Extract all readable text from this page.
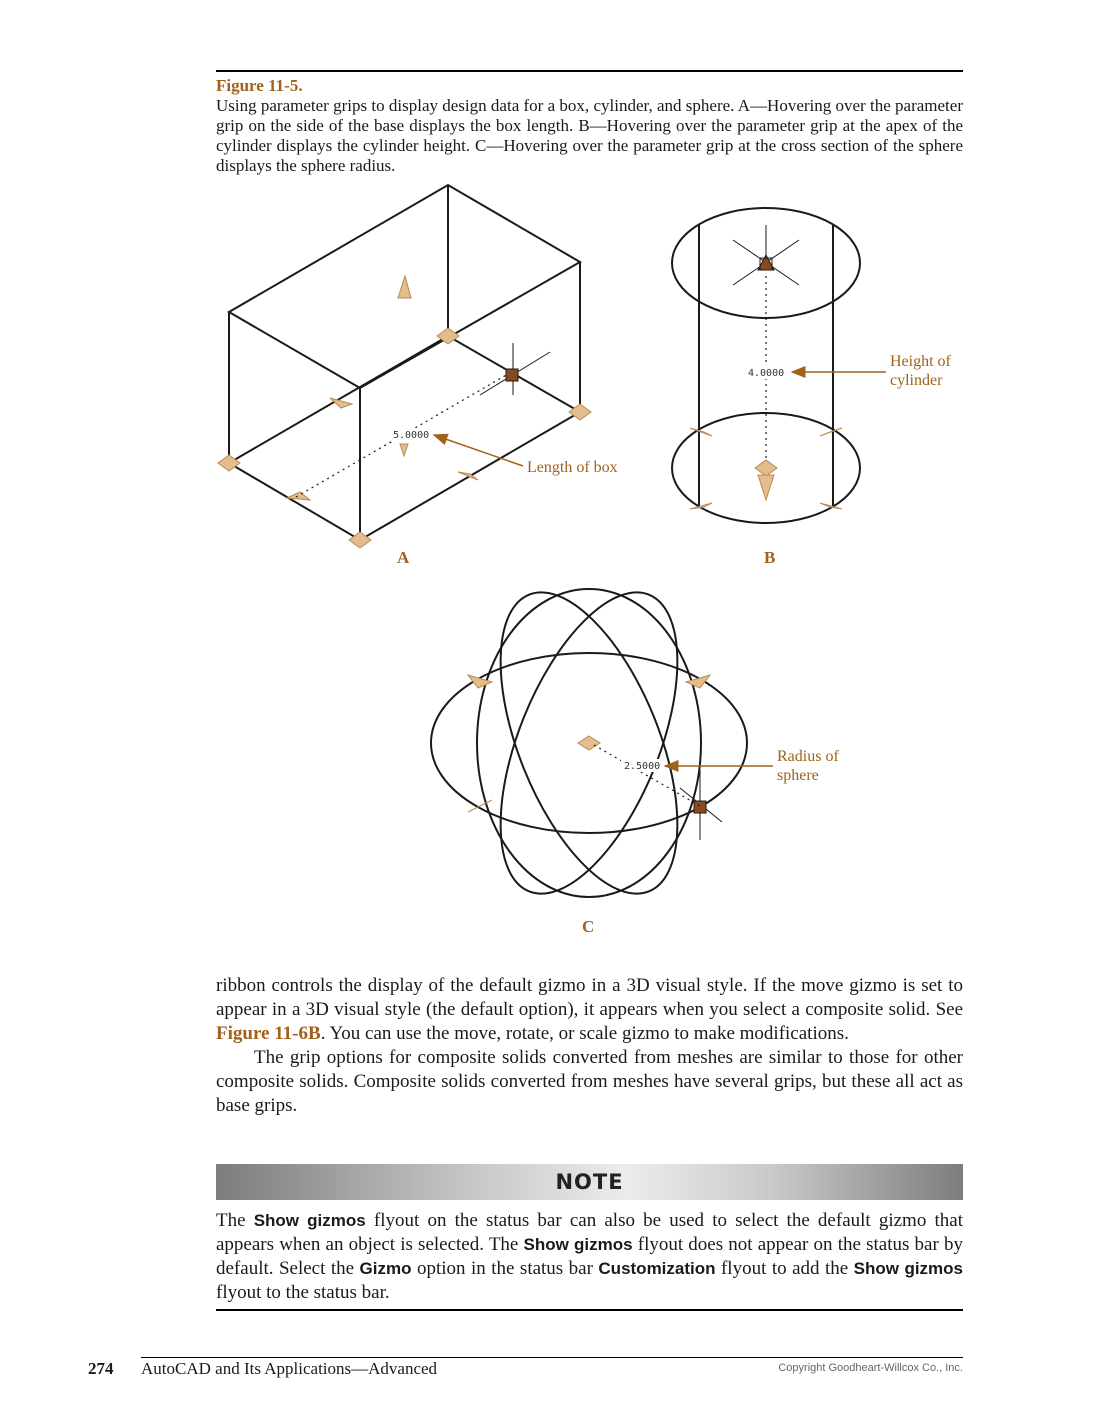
Figure 11-5.
Using parameter grips to display design data for a box, cylinder, and sphere. A—Hovering over the parameter grip on the side of the base displays the box length. B—Hovering over the parameter grip at the apex of the cylinder displays the cylinder height. C—Hovering over the parameter grip at the cross section of the sphere displays the sphere radius.
5.0000
Length of box
A
4.0000
Height of
cylinder
B
2.5000
Radius of
sphere
C

ribbon controls the display of the default gizmo in a 3D visual style. If the move gizmo is set to appear in a 3D visual style (the default option), it appears when you select a composite solid. See Figure 11-6B. You can use the move, rotate, or scale gizmo to make modifications.

The grip options for composite solids converted from meshes are similar to those for other composite solids. Composite solids converted from meshes have several grips, but these all act as base grips.

NOTE
The Show gizmos flyout on the status bar can also be used to select the default gizmo that appears when an object is selected. The Show gizmos flyout does not appear on the status bar by default. Select the Gizmo option in the status bar Customization flyout to add the Show gizmos flyout to the status bar.
274 AutoCAD and Its Applications—Advanced	Copyright Goodheart-Willcox Co., Inc.
